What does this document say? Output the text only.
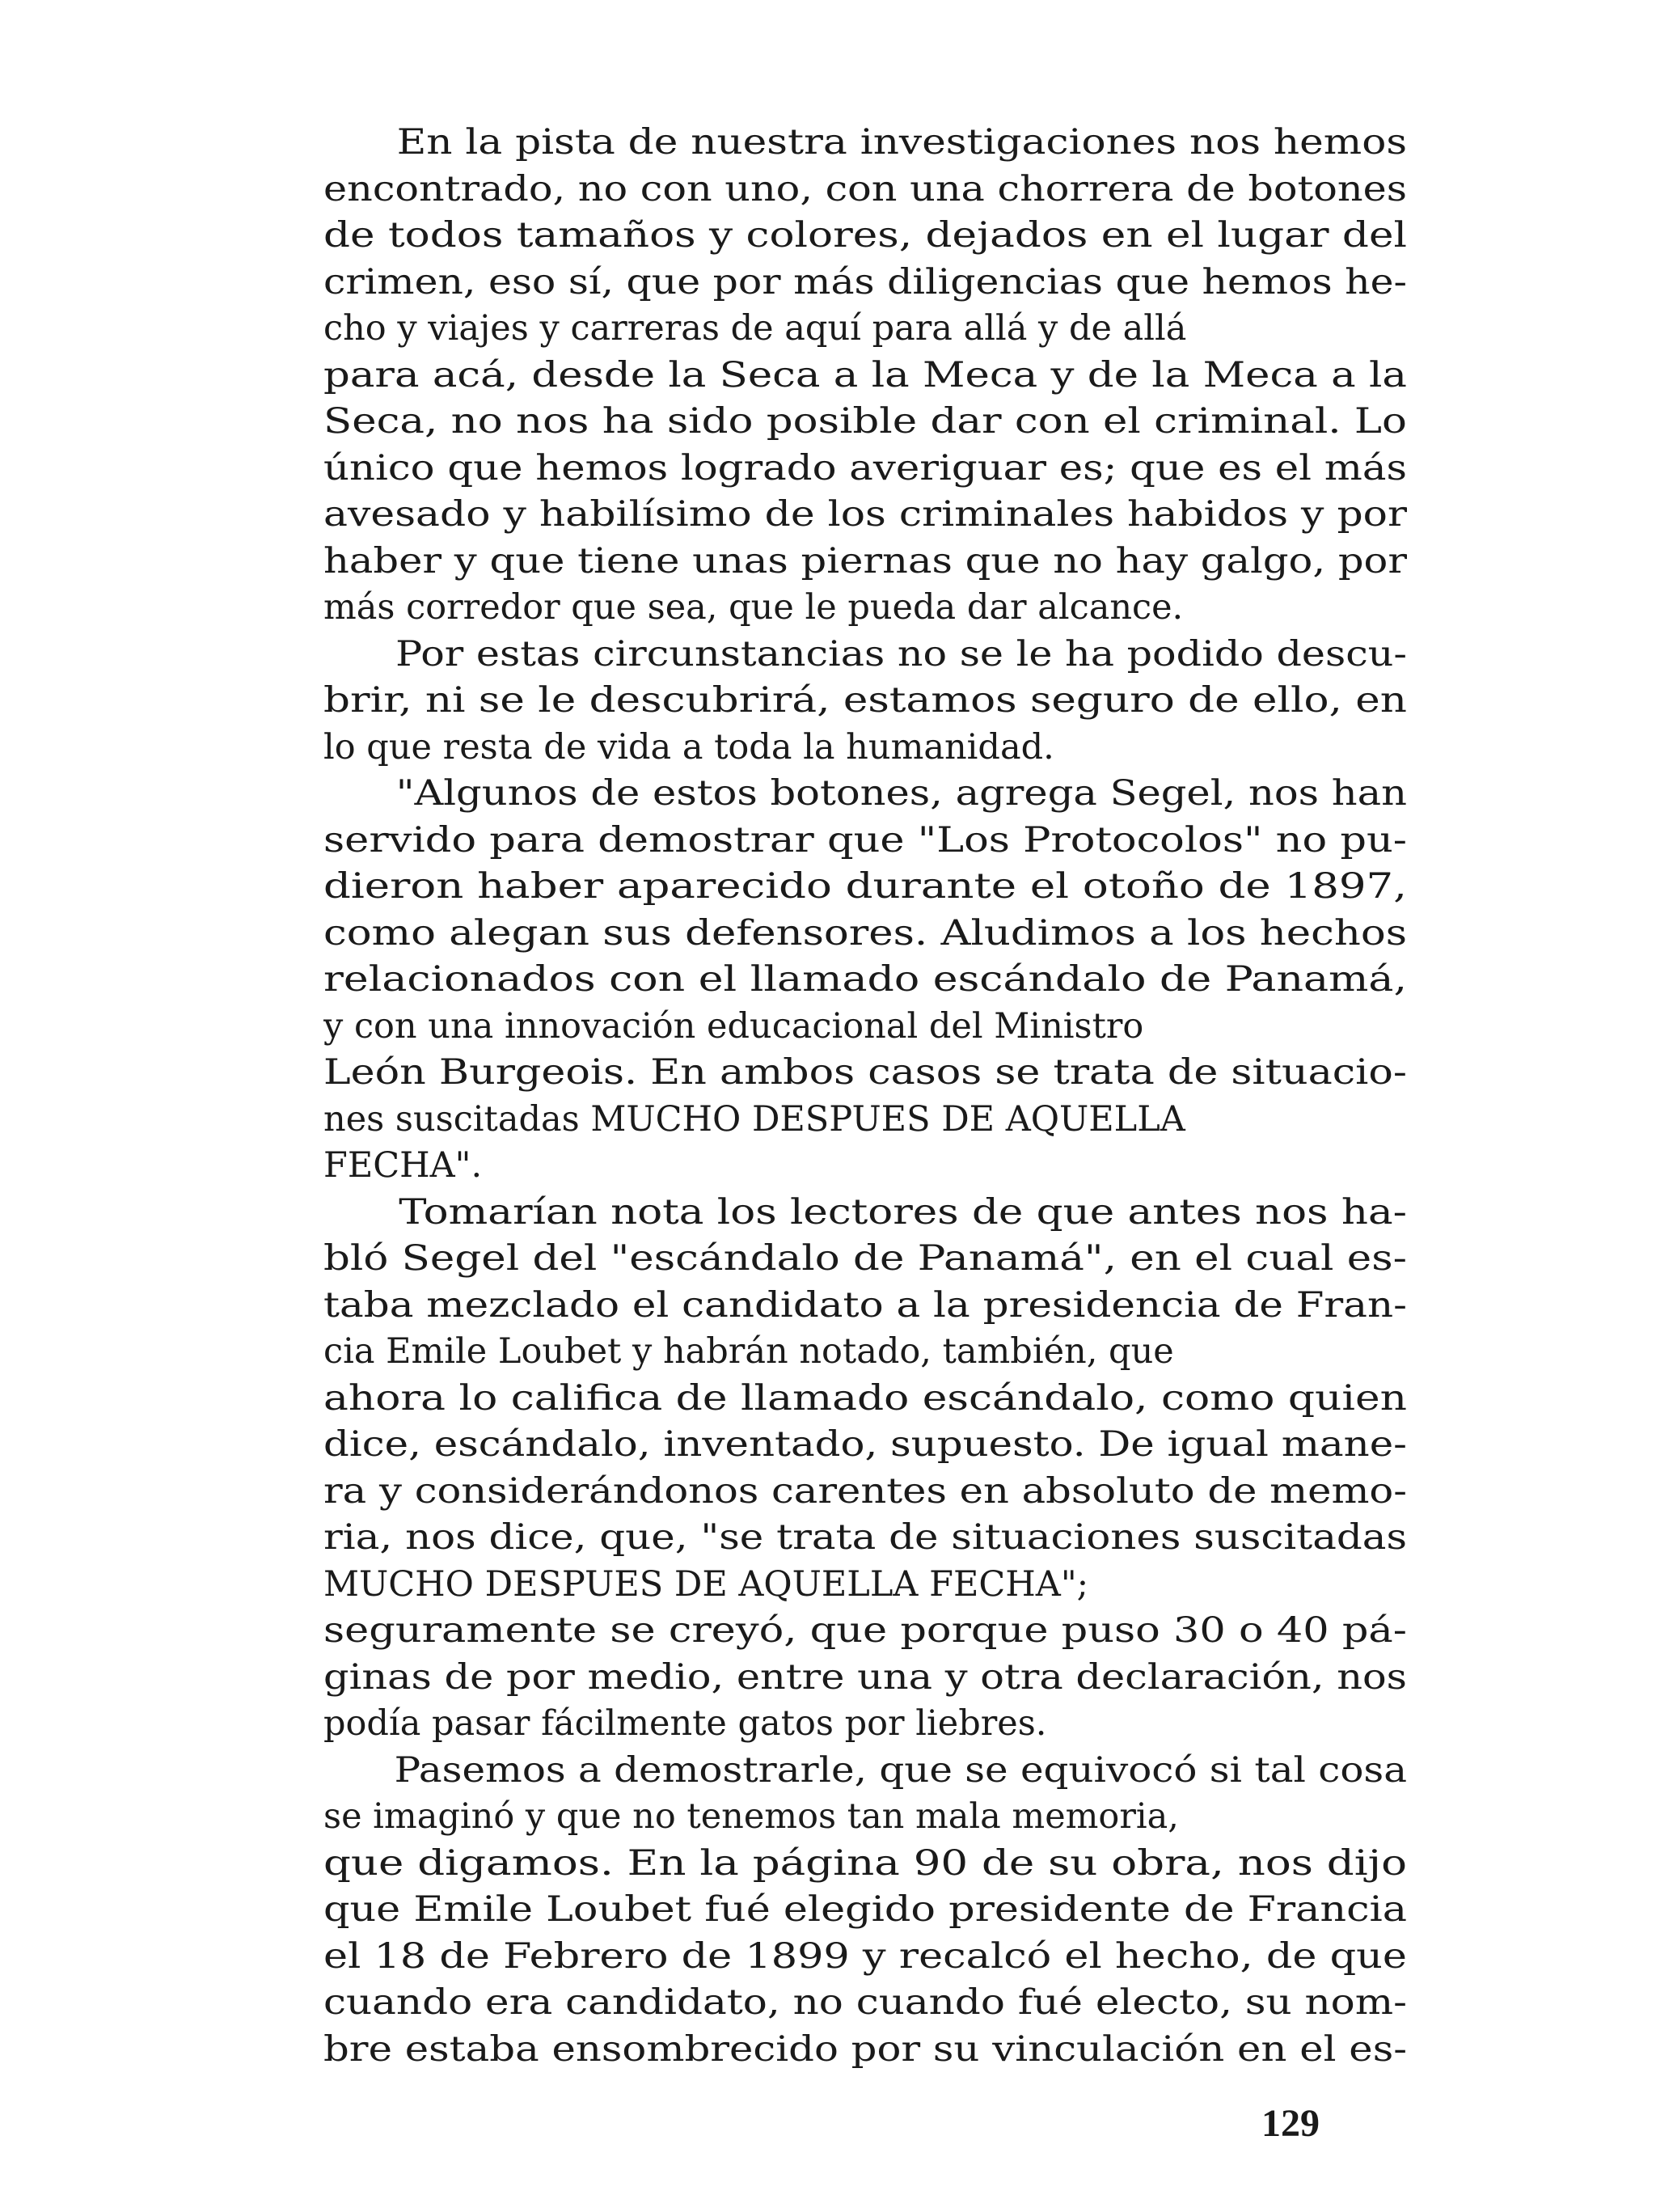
En la pista de nuestra investigaciones nos hemos
encontrado, no con uno, con una chorrera de botones
de todos tamaños y colores, dejados en el lugar del
crimen, eso sí, que por más diligencias que hemos he-
cho y viajes y carreras de aquí para allá y de allá
para acá, desde la Seca a la Meca y de la Meca a la
Seca, no nos ha sido posible dar con el criminal. Lo
único que hemos logrado averiguar es; que es el más
avesado y habilísimo de los criminales habidos y por
haber y que tiene unas piernas que no hay galgo, por
más corredor que sea, que le pueda dar alcance.
Por estas circunstancias no se le ha podido descu-
brir, ni se le descubrirá, estamos seguro de ello, en
lo que resta de vida a toda la humanidad.
"Algunos de estos botones, agrega Segel, nos han
servido para demostrar que "Los Protocolos" no pu-
dieron haber aparecido durante el otoño de 1897,
como alegan sus defensores. Aludimos a los hechos
relacionados con el llamado escándalo de Panamá,
y con una innovación educacional del Ministro
León Burgeois. En ambos casos se trata de situacio-
nes suscitadas MUCHO DESPUES DE AQUELLA
FECHA".
Tomarían nota los lectores de que antes nos ha-
bló Segel del "escándalo de Panamá", en el cual es-
taba mezclado el candidato a la presidencia de Fran-
cia Emile Loubet y habrán notado, también, que
ahora lo califica de llamado escándalo, como quien
dice, escándalo, inventado, supuesto. De igual mane-
ra y considerándonos carentes en absoluto de memo-
ria, nos dice, que, "se trata de situaciones suscitadas
MUCHO DESPUES DE AQUELLA FECHA";
seguramente se creyó, que porque puso 30 o 40 pá-
ginas de por medio, entre una y otra declaración, nos
podía pasar fácilmente gatos por liebres.
Pasemos a demostrarle, que se equivocó si tal cosa
se imaginó y que no tenemos tan mala memoria,
que digamos. En la página 90 de su obra, nos dijo
que Emile Loubet fué elegido presidente de Francia
el 18 de Febrero de 1899 y recalcó el hecho, de que
cuando era candidato, no cuando fué electo, su nom-
bre estaba ensombrecido por su vinculación en el es-
129
